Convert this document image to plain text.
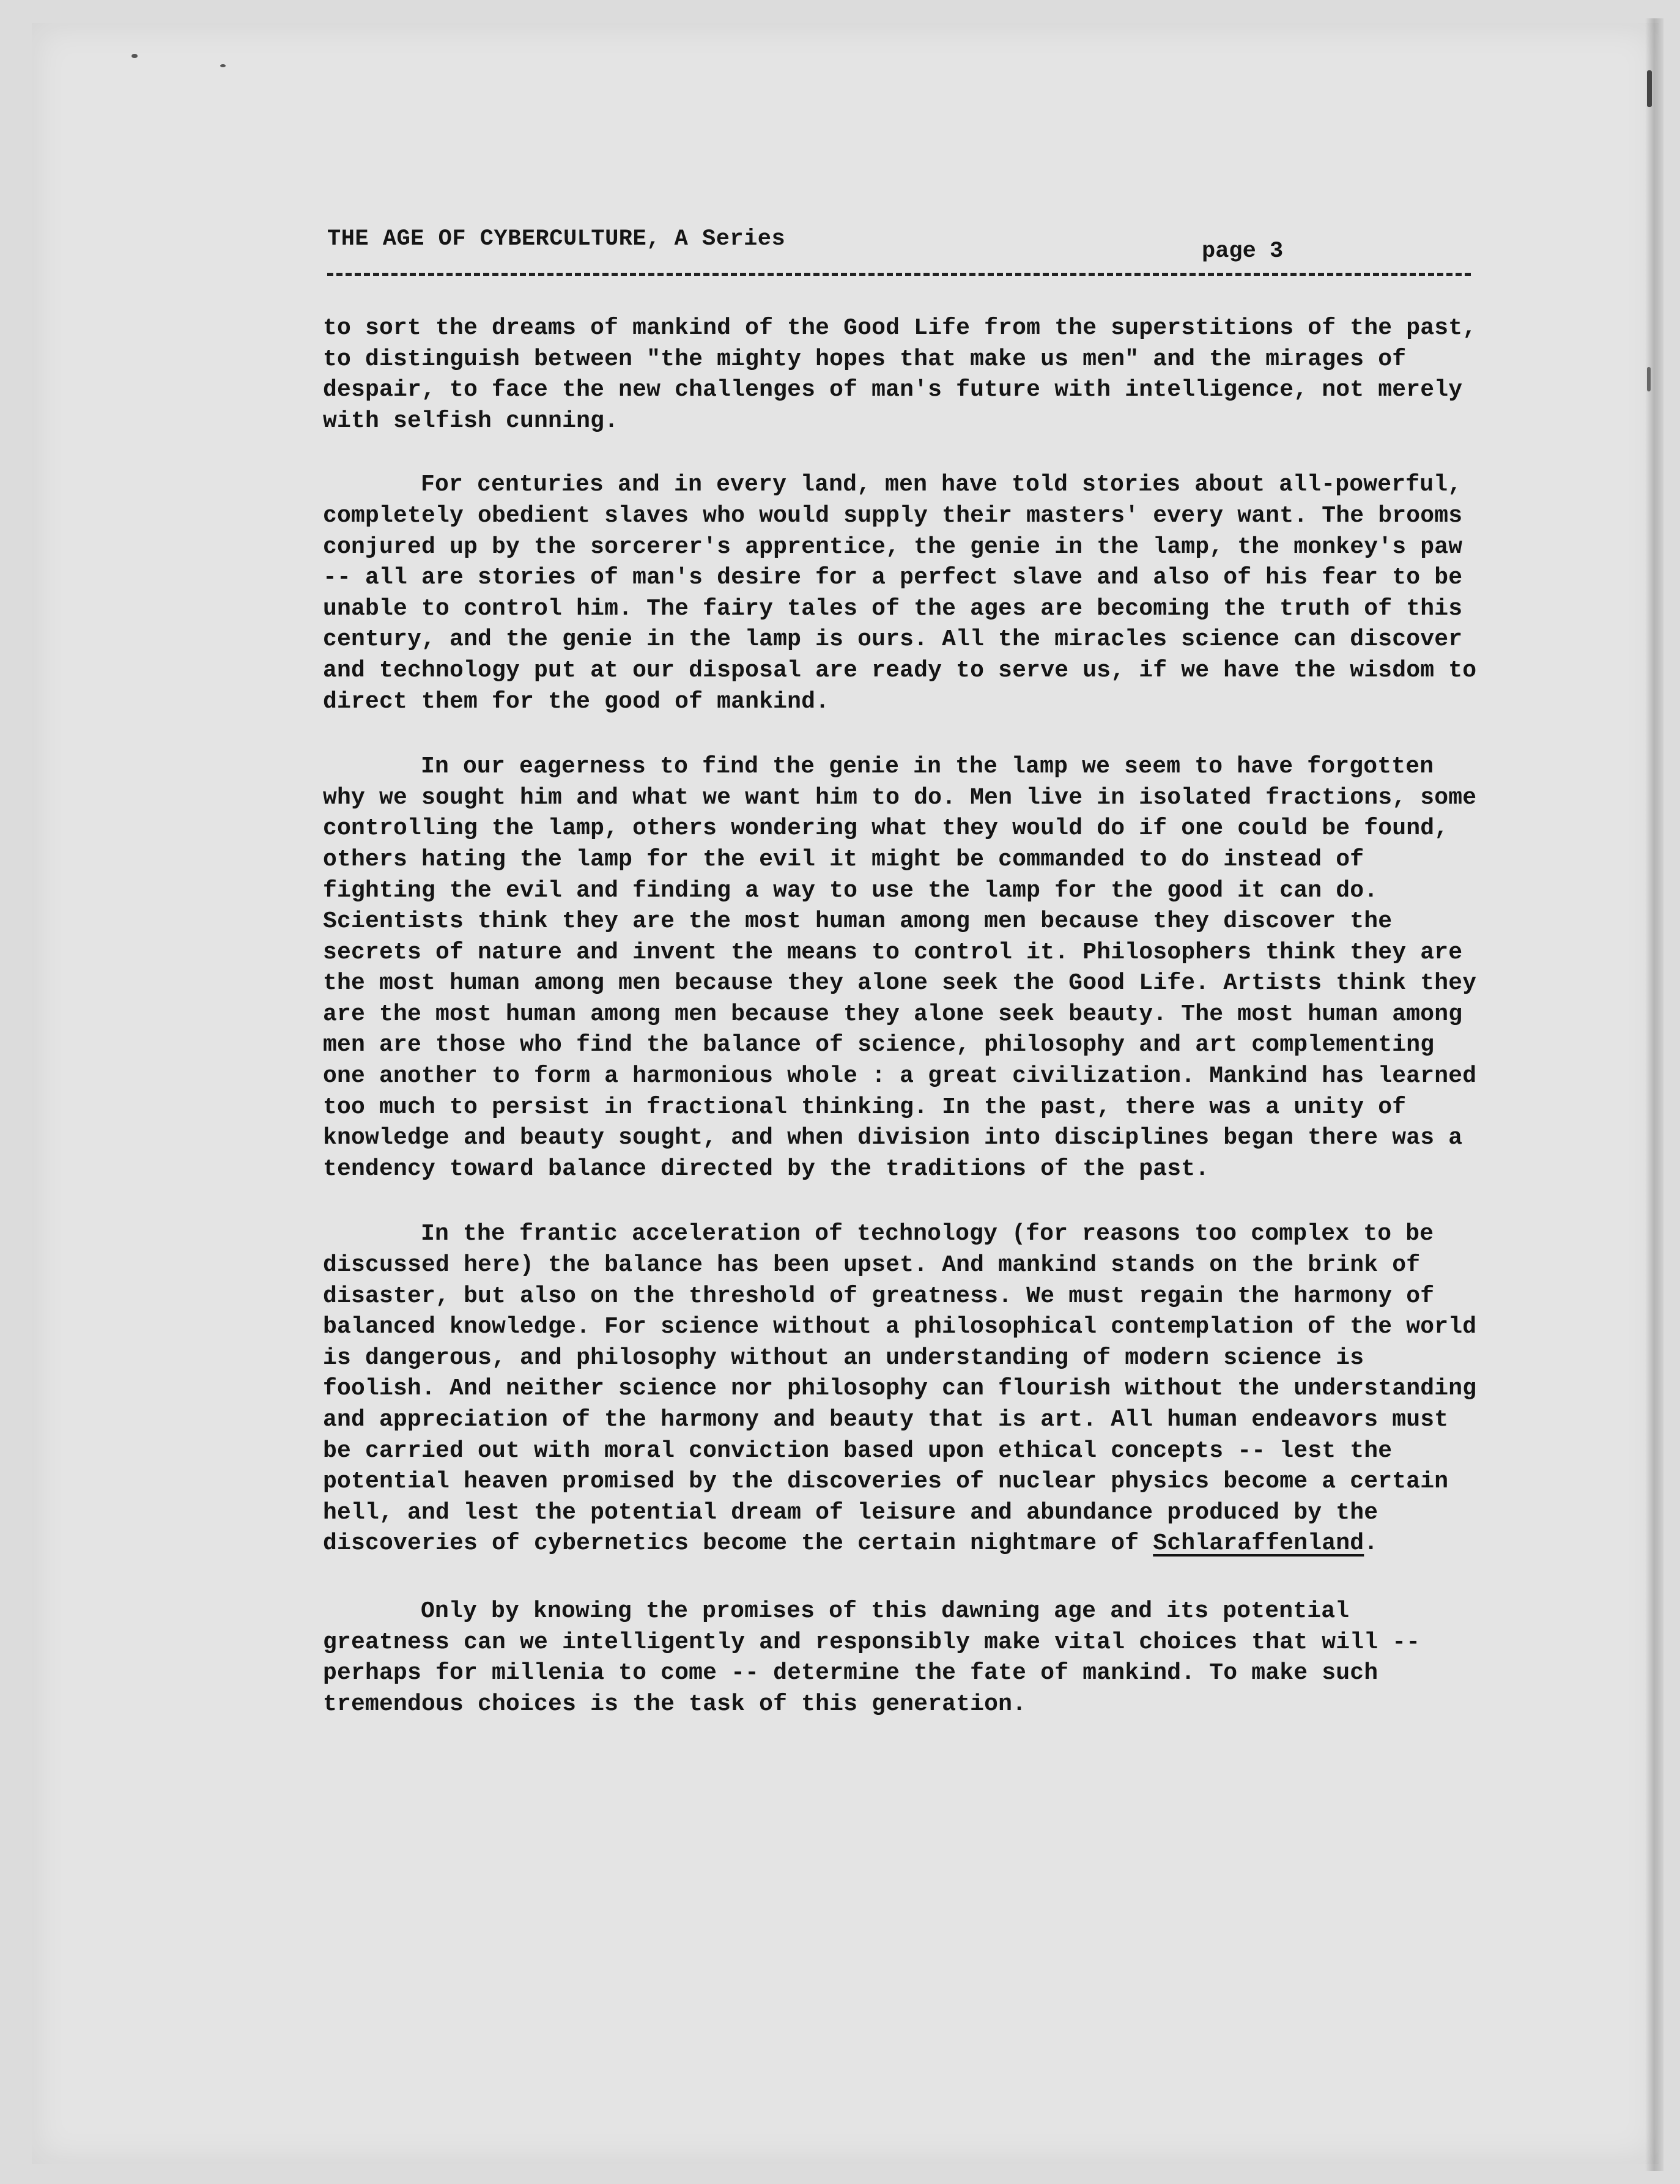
THE AGE OF CYBERCULTURE, A Series	page 3

to sort the dreams of mankind of the Good Life from the superstitions of the past, to distinguish between "the mighty hopes that make us men" and the mirages of despair, to face the new challenges of man's future with intelligence, not merely with selfish cunning.

For centuries and in every land, men have told stories about all-powerful, completely obedient slaves who would supply their masters' every want. The brooms conjured up by the sorcerer's apprentice, the genie in the lamp, the monkey's paw -- all are stories of man's desire for a perfect slave and also of his fear to be unable to control him. The fairy tales of the ages are becoming the truth of this century, and the genie in the lamp is ours. All the miracles science can discover and technology put at our disposal are ready to serve us, if we have the wisdom to direct them for the good of mankind.

In our eagerness to find the genie in the lamp we seem to have forgotten why we sought him and what we want him to do. Men live in isolated fractions, some controlling the lamp, others wondering what they would do if one could be found, others hating the lamp for the evil it might be commanded to do instead of fighting the evil and finding a way to use the lamp for the good it can do. Scientists think they are the most human among men because they discover the secrets of nature and invent the means to control it. Philosophers think they are the most human among men because they alone seek the Good Life. Artists think they are the most human among men because they alone seek beauty. The most human among men are those who find the balance of science, philosophy and art complementing one another to form a harmonious whole : a great civilization. Mankind has learned too much to persist in fractional thinking. In the past, there was a unity of knowledge and beauty sought, and when division into disciplines began there was a tendency toward balance directed by the traditions of the past.

In the frantic acceleration of technology (for reasons too complex to be discussed here) the balance has been upset. And mankind stands on the brink of disaster, but also on the threshold of greatness. We must regain the harmony of balanced knowledge. For science without a philosophical contemplation of the world is dangerous, and philosophy without an understanding of modern science is foolish. And neither science nor philosophy can flourish without the understanding and appreciation of the harmony and beauty that is art. All human endeavors must be carried out with moral conviction based upon ethical concepts -- lest the potential heaven promised by the discoveries of nuclear physics become a certain hell, and lest the potential dream of leisure and abundance produced by the discoveries of cybernetics become the certain nightmare of Schlaraffenland.

Only by knowing the promises of this dawning age and its potential greatness can we intelligently and responsibly make vital choices that will -- perhaps for millenia to come -- determine the fate of mankind. To make such tremendous choices is the task of this generation.
